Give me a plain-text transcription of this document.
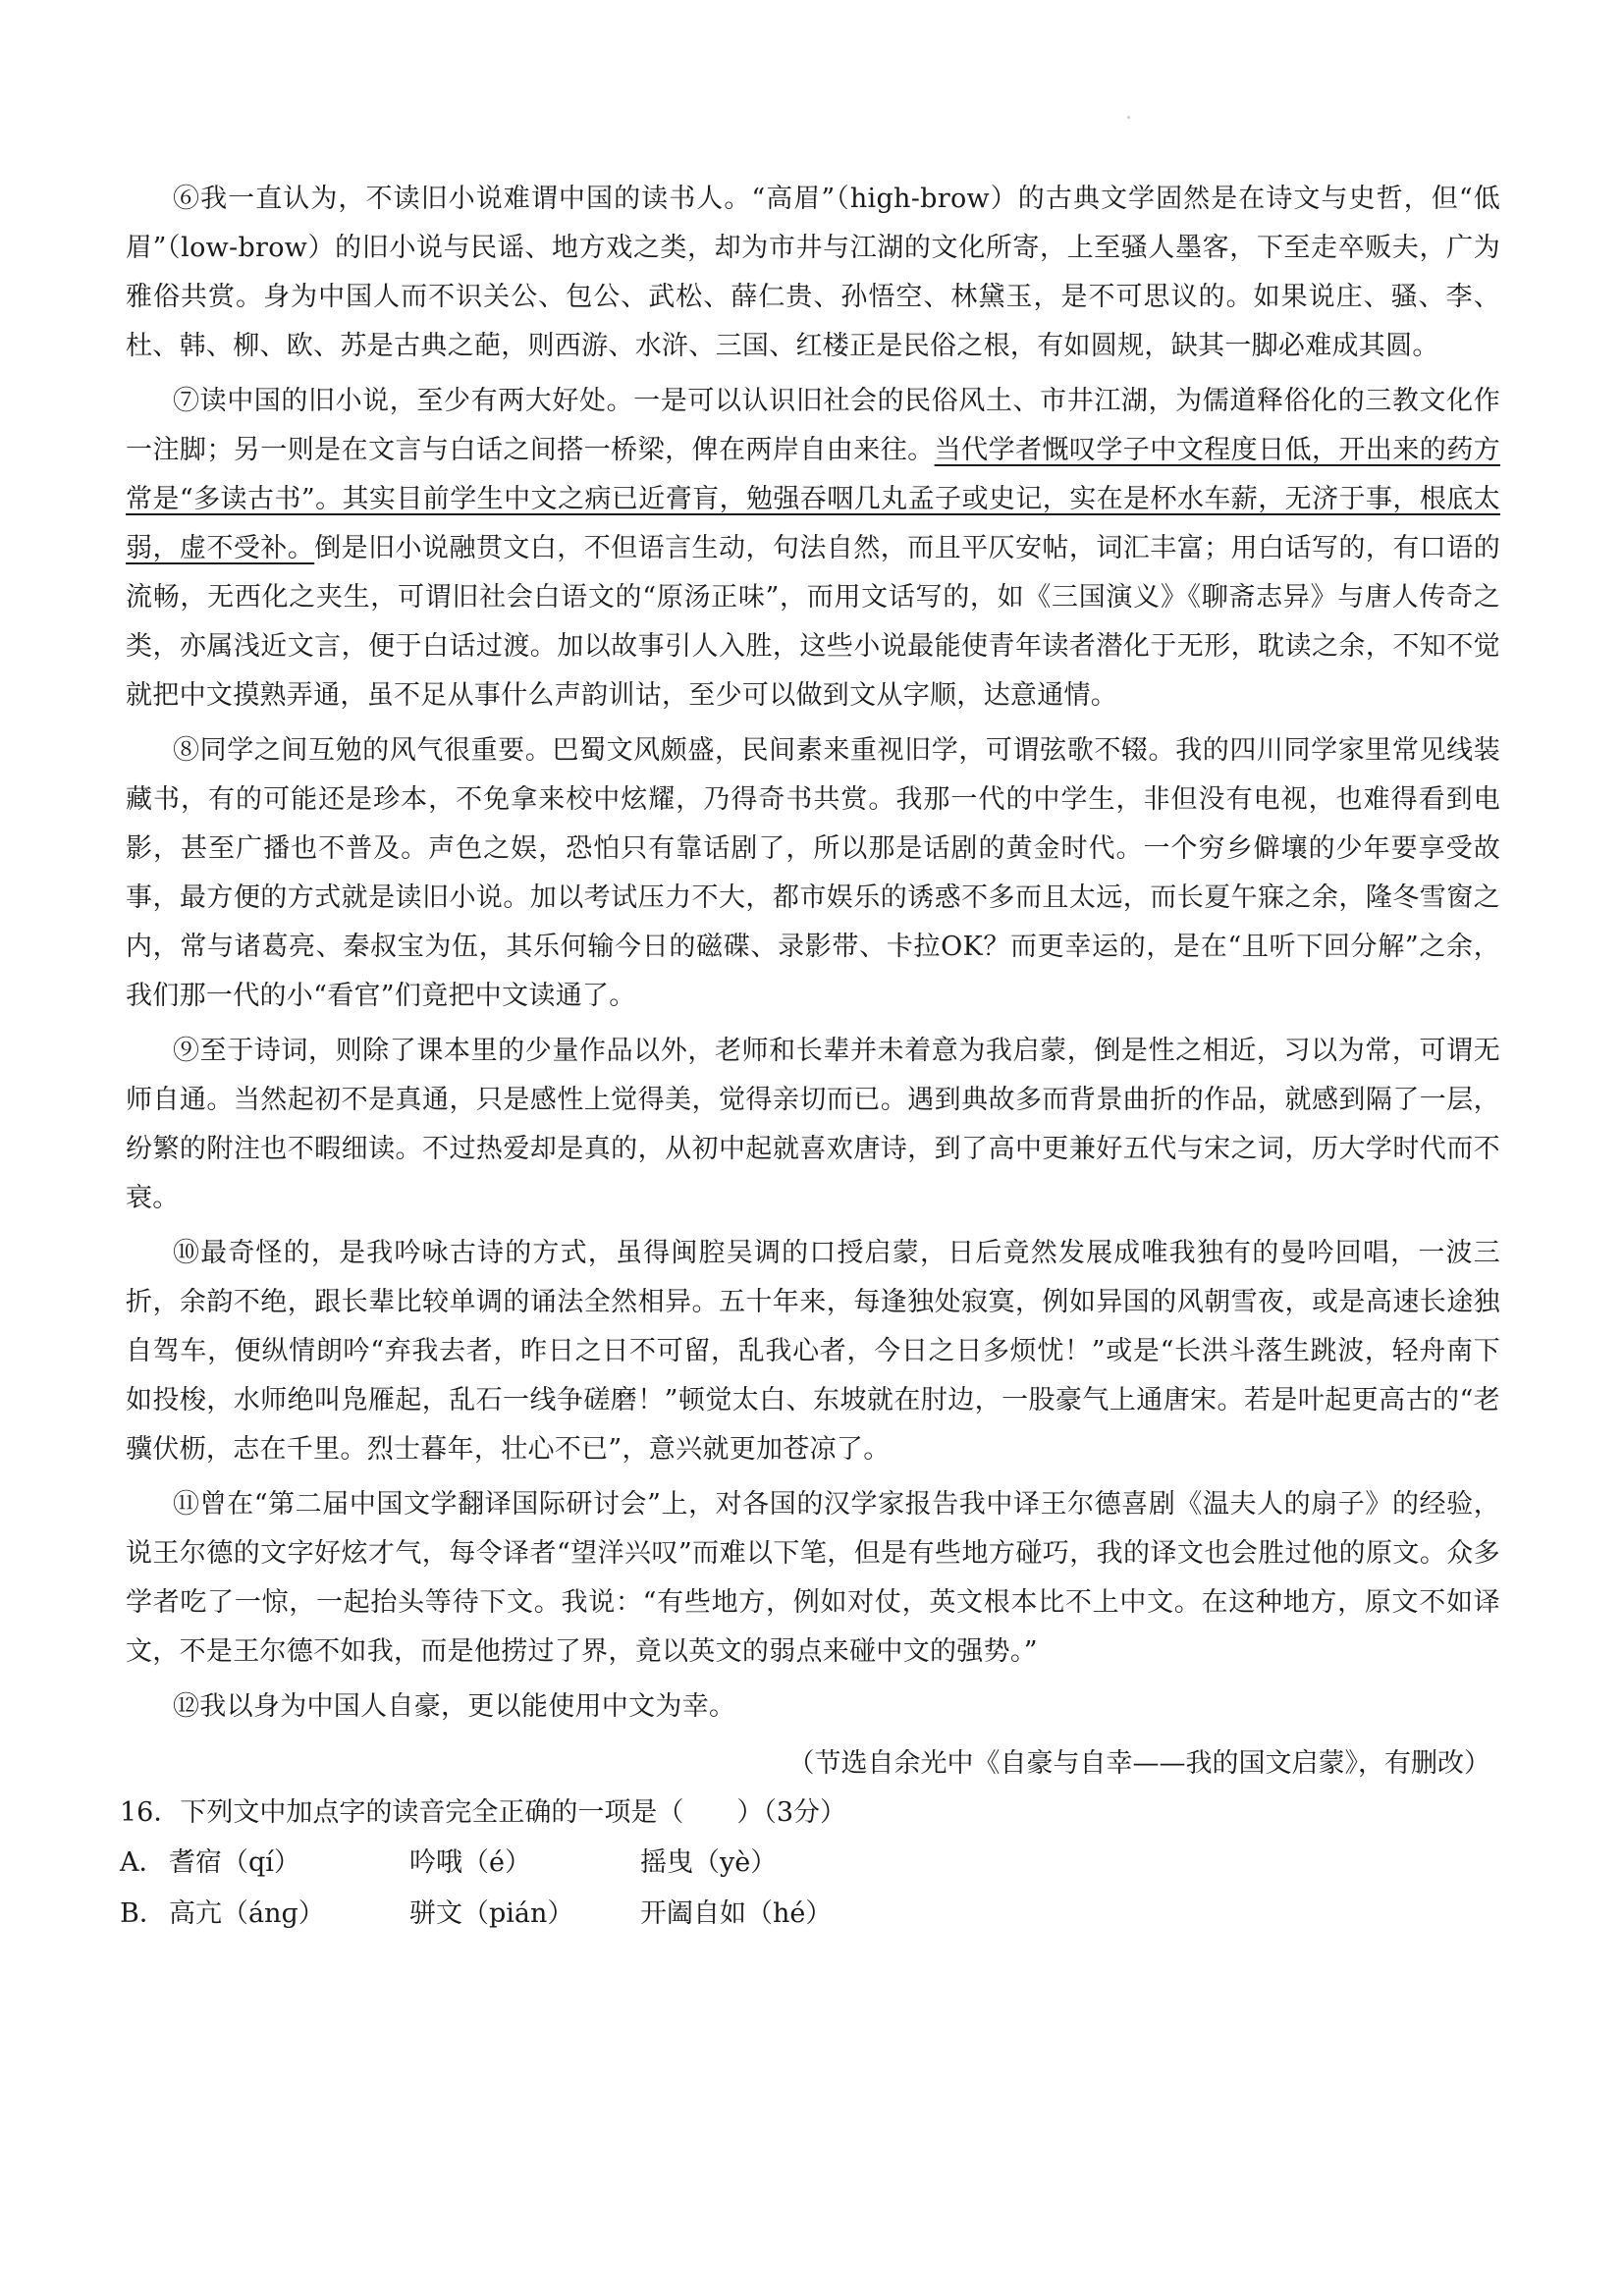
⑥我一直认为，不读旧小说难谓中国的读书人。“高眉”（high-brow）的古典文学固然是在诗文与史哲，但“低眉”（low-brow）的旧小说与民谣、地方戏之类，却为市井与江湖的文化所寄，上至骚人墨客，下至走卒贩夫，广为雅俗共赏。身为中国人而不识关公、包公、武松、薛仁贵、孙悟空、林黛玉，是不可思议的。如果说庄、骚、李、杜、韩、柳、欧、苏是古典之葩，则西游、水浒、三国、红楼正是民俗之根，有如圆规，缺其一脚必难成其圆。

⑦读中国的旧小说，至少有两大好处。一是可以认识旧社会的民俗风土、市井江湖，为儒道释俗化的三教文化作一注脚；另一则是在文言与白话之间搭一桥梁，俾在两岸自由来往。当代学者慨叹学子中文程度日低，开出来的药方常是“多读古书”。其实目前学生中文之病已近膏肓，勉强吞咽几丸孟子或史记，实在是杯水车薪，无济于事，根底太弱，虚不受补。倒是旧小说融贯文白，不但语言生动，句法自然，而且平仄安帖，词汇丰富；用白话写的，有口语的流畅，无西化之夹生，可谓旧社会白语文的“原汤正味”，而用文话写的，如《三国演义》《聊斋志异》与唐人传奇之类，亦属浅近文言，便于白话过渡。加以故事引人入胜，这些小说最能使青年读者潜化于无形，耽读之余，不知不觉就把中文摸熟弄通，虽不足从事什么声韵训诂，至少可以做到文从字顺，达意通情。

⑧同学之间互勉的风气很重要。巴蜀文风颇盛，民间素来重视旧学，可谓弦歌不辍。我的四川同学家里常见线装藏书，有的可能还是珍本，不免拿来校中炫耀，乃得奇书共赏。我那一代的中学生，非但没有电视，也难得看到电影，甚至广播也不普及。声色之娱，恐怕只有靠话剧了，所以那是话剧的黄金时代。一个穷乡僻壤的少年要享受故事，最方便的方式就是读旧小说。加以考试压力不大，都市娱乐的诱惑不多而且太远，而长夏午寐之余，隆冬雪窗之内，常与诸葛亮、秦叔宝为伍，其乐何输今日的磁碟、录影带、卡拉OK？而更幸运的，是在“且听下回分解”之余，我们那一代的小“看官”们竟把中文读通了。

⑨至于诗词，则除了课本里的少量作品以外，老师和长辈并未着意为我启蒙，倒是性之相近，习以为常，可谓无师自通。当然起初不是真通，只是感性上觉得美，觉得亲切而已。遇到典故多而背景曲折的作品，就感到隔了一层，纷繁的附注也不暇细读。不过热爱却是真的，从初中起就喜欢唐诗，到了高中更兼好五代与宋之词，历大学时代而不衰。

⑩最奇怪的，是我吟咏古诗的方式，虽得闽腔吴调的口授启蒙，日后竟然发展成唯我独有的曼吟回唱，一波三折，余韵不绝，跟长辈比较单调的诵法全然相异。五十年来，每逢独处寂寞，例如异国的风朝雪夜，或是高速长途独自驾车，便纵情朗吟“弃我去者，昨日之日不可留，乱我心者，今日之日多烦忧！”或是“长洪斗落生跳波，轻舟南下如投梭，水师绝叫凫雁起，乱石一线争磋磨！”顿觉太白、东坡就在肘边，一股豪气上通唐宋。若是叶起更高古的“老骥伏枥，志在千里。烈士暮年，壮心不已”，意兴就更加苍凉了。

⑪曾在“第二届中国文学翻译国际研讨会”上，对各国的汉学家报告我中译王尔德喜剧《温夫人的扇子》的经验，说王尔德的文字好炫才气，每令译者“望洋兴叹”而难以下笔，但是有些地方碰巧，我的译文也会胜过他的原文。众多学者吃了一惊，一起抬头等待下文。我说：“有些地方，例如对仗，英文根本比不上中文。在这种地方，原文不如译文，不是王尔德不如我，而是他捞过了界，竟以英文的弱点来碰中文的强势。”

⑫我以身为中国人自豪，更以能使用中文为幸。

（节选自余光中《自豪与自幸——我的国文启蒙》，有删改）

16．下列文中加点字的读音完全正确的一项是（　　）（3分）

A． 耆宿（qí）	吟哦（é）	摇曳（yè）
B． 高亢（ánɡ）	骈文（pián）	开阖自如（hé）
